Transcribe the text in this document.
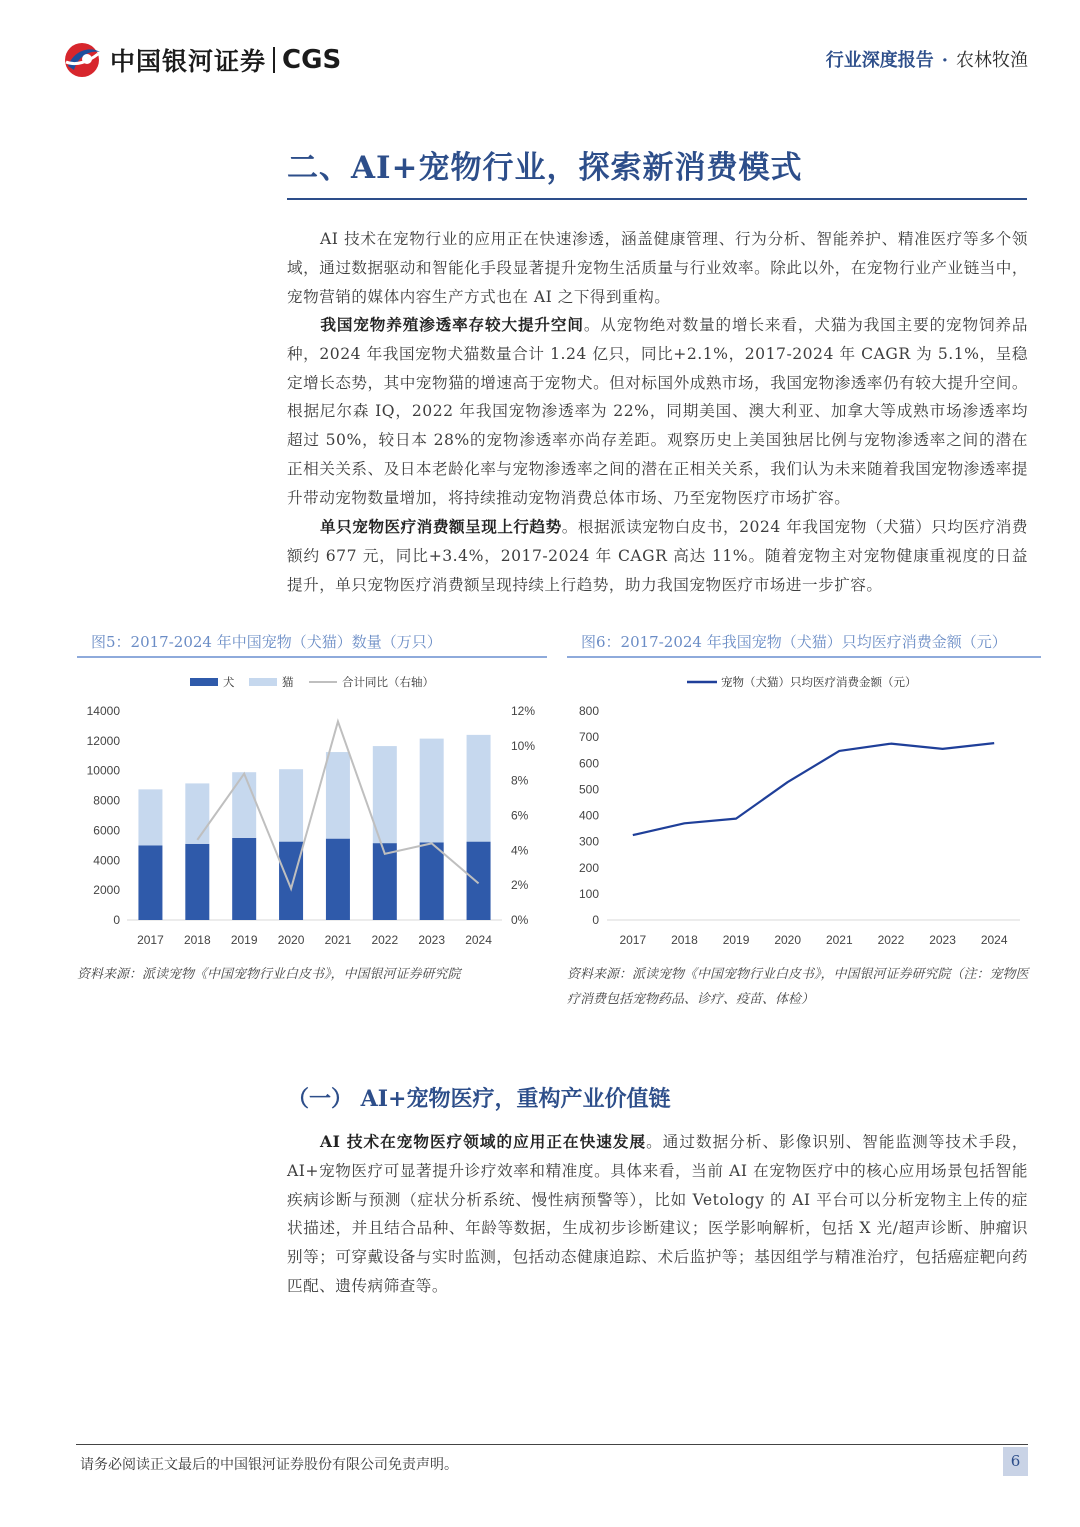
中国银河证券 CGS	行业深度报告 · 农林牧渔
二、AI+宠物行业，探索新消费模式

AI 技术在宠物行业的应用正在快速渗透，涵盖健康管理、行为分析、智能养护、精准医疗等多个领域，通过数据驱动和智能化手段显著提升宠物生活质量与行业效率。除此以外，在宠物行业产业链当中，宠物营销的媒体内容生产方式也在 AI 之下得到重构。

我国宠物养殖渗透率存较大提升空间。从宠物绝对数量的增长来看，犬猫为我国主要的宠物饲养品种，2024 年我国宠物犬猫数量合计 1.24 亿只，同比+2.1%，2017-2024 年 CAGR 为 5.1%，呈稳定增长态势，其中宠物猫的增速高于宠物犬。但对标国外成熟市场，我国宠物渗透率仍有较大提升空间。根据尼尔森 IQ，2022 年我国宠物渗透率为 22%，同期美国、澳大利亚、加拿大等成熟市场渗透率均超过 50%，较日本 28%的宠物渗透率亦尚存差距。观察历史上美国独居比例与宠物渗透率之间的潜在正相关关系、及日本老龄化率与宠物渗透率之间的潜在正相关关系，我们认为未来随着我国宠物渗透率提升带动宠物数量增加，将持续推动宠物消费总体市场、乃至宠物医疗市场扩容。

单只宠物医疗消费额呈现上行趋势。根据派读宠物白皮书，2024 年我国宠物（犬猫）只均医疗消费额约 677 元，同比+3.4%，2017-2024 年 CAGR 高达 11%。随着宠物主对宠物健康重视度的日益提升，单只宠物医疗消费额呈现持续上行趋势，助力我国宠物医疗市场进一步扩容。

图5：2017-2024 年中国宠物（犬猫）数量（万只）
犬	猫	合计同比（右轴）
0
2000
4000
6000
8000
10000
12000
14000
0%
2%
4%
6%
8%
10%
12%
2017 2018 2019 2020 2021 2022 2023 2024
资料来源：派读宠物《中国宠物行业白皮书》，中国银河证券研究院
图6：2017-2024 年我国宠物（犬猫）只均医疗消费金额（元）
宠物（犬猫）只均医疗消费金额（元）
0
100
200
300
400
500
600
700
800
2017 2018 2019 2020 2021 2022 2023 2024
资料来源：派读宠物《中国宠物行业白皮书》，中国银河证券研究院（注：宠物医疗消费包括宠物药品、诊疗、疫苗、体检）
（一） AI+宠物医疗，重构产业价值链

AI 技术在宠物医疗领域的应用正在快速发展。通过数据分析、影像识别、智能监测等技术手段，AI+宠物医疗可显著提升诊疗效率和精准度。具体来看，当前 AI 在宠物医疗中的核心应用场景包括智能疾病诊断与预测（症状分析系统、慢性病预警等），比如 Vetology 的 AI 平台可以分析宠物主上传的症状描述，并且结合品种、年龄等数据，生成初步诊断建议；医学影响解析，包括 X 光/超声诊断、肿瘤识别等；可穿戴设备与实时监测，包括动态健康追踪、术后监护等；基因组学与精准治疗，包括癌症靶向药匹配、遗传病筛查等。

请务必阅读正文最后的中国银河证券股份有限公司免责声明。	6
